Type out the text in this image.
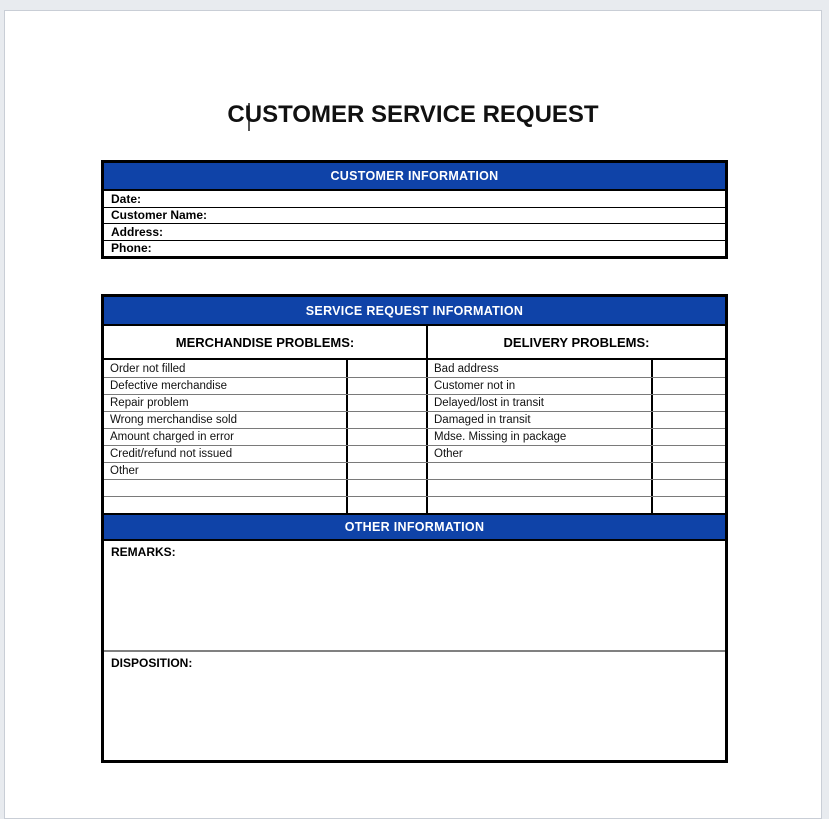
CUSTOMER SERVICE REQUEST
CUSTOMER INFORMATION
Date:
Customer Name:
Address:
Phone:
SERVICE REQUEST INFORMATION
MERCHANDISE PROBLEMS:	DELIVERY PROBLEMS:
Order not filled	Bad address
Defective merchandise	Customer not in
Repair problem	Delayed/lost in transit
Wrong merchandise sold	Damaged in transit
Amount charged in error	Mdse. Missing in package
Credit/refund not issued	Other
Other
OTHER INFORMATION
REMARKS:
DISPOSITION:
